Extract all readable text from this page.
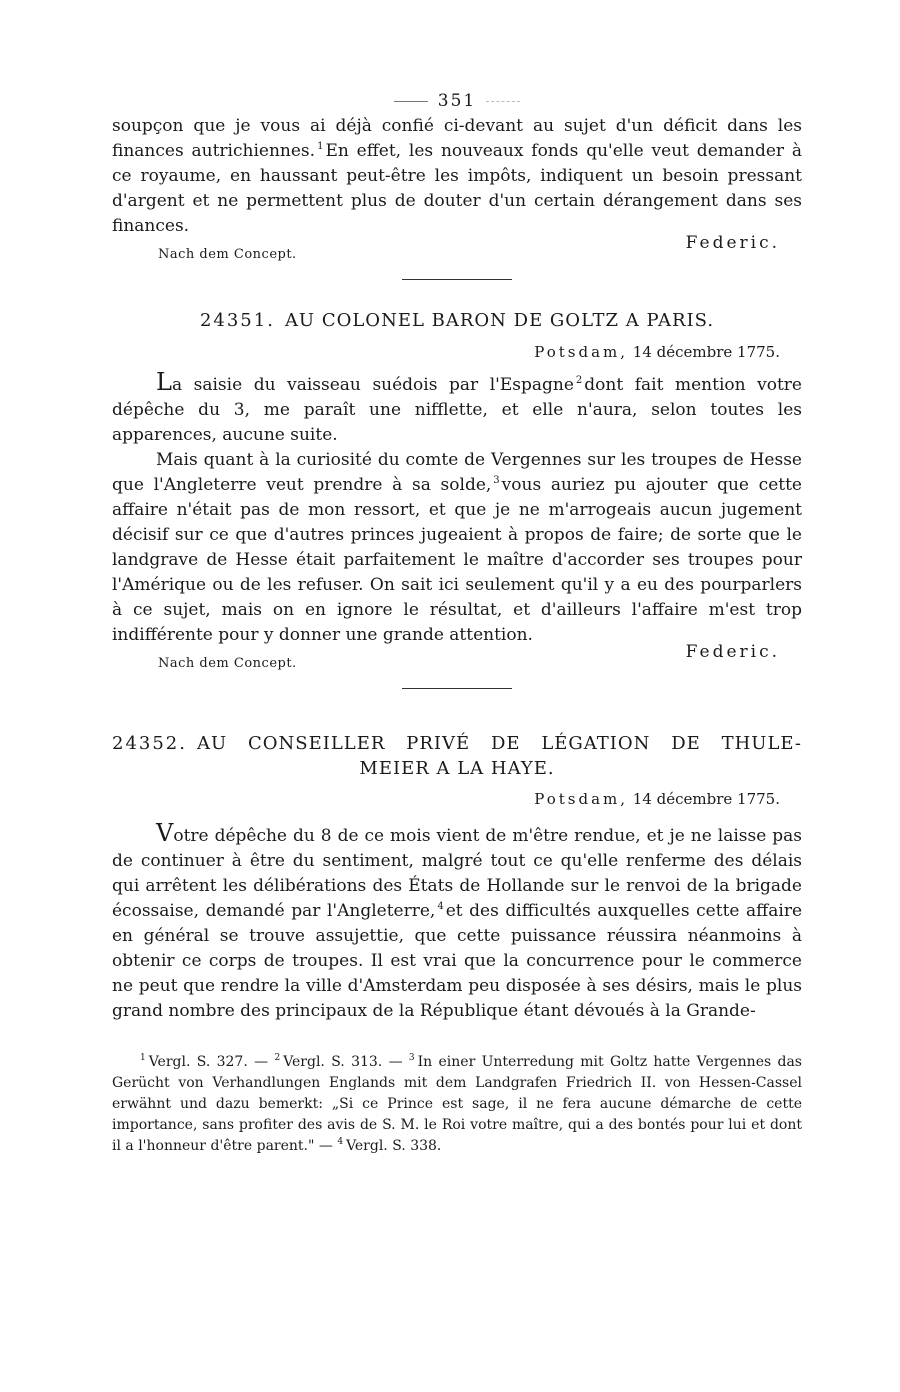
351

soupçon que je vous ai déjà confié ci-devant au sujet d'un déficit dans les finances autrichiennes. $^1$ En effet, les nouveaux fonds qu'elle veut demander à ce royaume, en haussant peut-être les impôts, indiquent un besoin pressant d'argent et ne permettent plus de douter d'un certain dérangement dans ses finances.

Nach dem Concept.
Federic.
24351. AU COLONEL BARON DE GOLTZ A PARIS.
Potsdam, 14 décembre 1775.

La saisie du vaisseau suédois par l'Espagne $^2$ dont fait mention votre dépêche du 3, me paraît une nifflette, et elle n'aura, selon toutes les apparences, aucune suite.

Mais quant à la curiosité du comte de Vergennes sur les troupes de Hesse que l'Angleterre veut prendre à sa solde, $^3$ vous auriez pu ajouter que cette affaire n'était pas de mon ressort, et que je ne m'arrogeais aucun jugement décisif sur ce que d'autres princes jugeaient à propos de faire; de sorte que le landgrave de Hesse était parfaitement le maître d'accorder ses troupes pour l'Amérique ou de les refuser. On sait ici seulement qu'il y a eu des pourparlers à ce sujet, mais on en ignore le résultat, et d'ailleurs l'affaire m'est trop indifférente pour y donner une grande attention.

Nach dem Concept.
Federic.
24352. AU CONSEILLER PRIVÉ DE LÉGATION DE THULE-
MEIER A LA HAYE.
Potsdam, 14 décembre 1775.

Votre dépêche du 8 de ce mois vient de m'être rendue, et je ne laisse pas de continuer à être du sentiment, malgré tout ce qu'elle renferme des délais qui arrêtent les délibérations des États de Hollande sur le renvoi de la brigade écossaise, demandé par l'Angleterre, $^4$ et des difficultés auxquelles cette affaire en général se trouve assujettie, que cette puissance réussira néanmoins à obtenir ce corps de troupes. Il est vrai que la concurrence pour le commerce ne peut que rendre la ville d'Amsterdam peu disposée à ses désirs, mais le plus grand nombre des principaux de la République étant dévoués à la Grande-

$^1$ Vergl. S. 327. — $^2$ Vergl. S. 313. — $^3$ In einer Unterredung mit Goltz hatte Vergennes das Gerücht von Verhandlungen Englands mit dem Landgrafen Friedrich II. von Hessen-Cassel erwähnt und dazu bemerkt: „Si ce Prince est sage, il ne fera aucune démarche de cette importance, sans profiter des avis de S. M. le Roi votre maître, qui a des bontés pour lui et dont il a l'honneur d'être parent." — $^4$ Vergl. S. 338.
